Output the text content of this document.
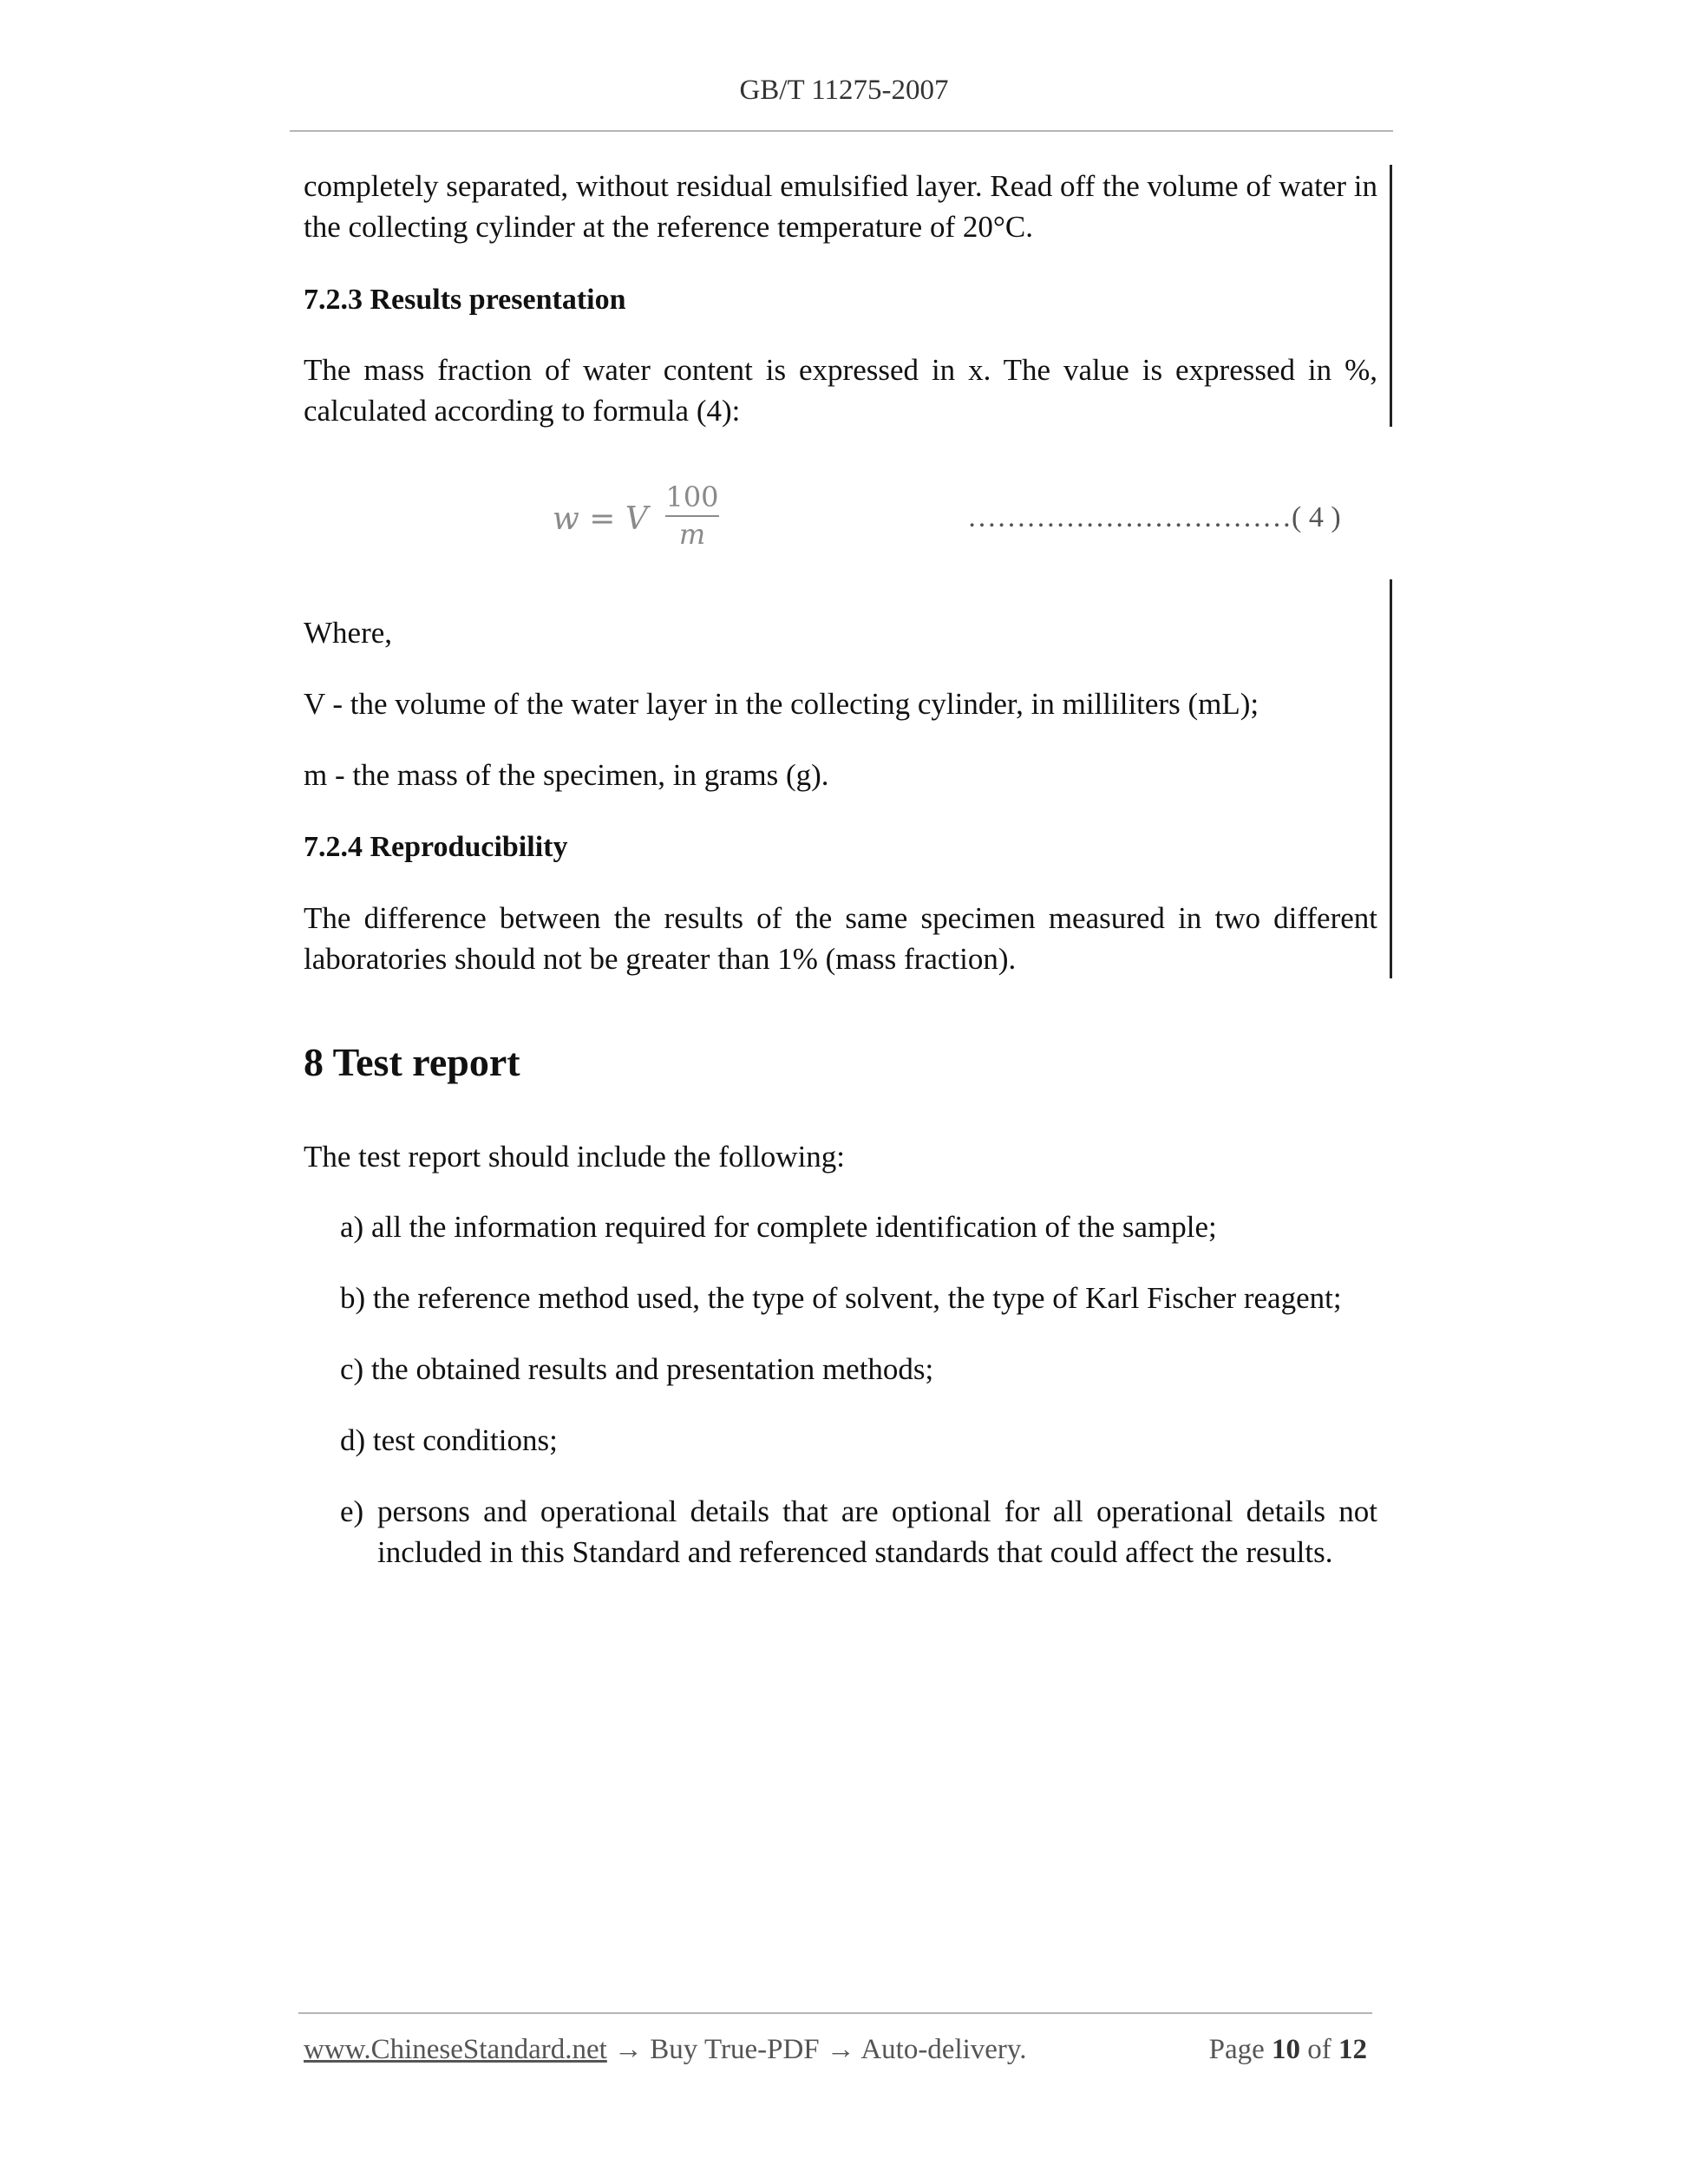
GB/T 11275-2007

completely separated, without residual emulsified layer. Read off the volume of water in the collecting cylinder at the reference temperature of 20°C.

7.2.3 Results presentation

The mass fraction of water content is expressed in x. The value is expressed in %, calculated according to formula (4):

w = V $\frac{100}{m}$	……………………………( 4 )

Where,

V - the volume of the water layer in the collecting cylinder, in milliliters (mL);

m - the mass of the specimen, in grams (g).

7.2.4 Reproducibility

The difference between the results of the same specimen measured in two different laboratories should not be greater than 1% (mass fraction).

8 Test report

The test report should include the following:

a) all the information required for complete identification of the sample;
b) the reference method used, the type of solvent, the type of Karl Fischer reagent;
c) the obtained results and presentation methods;
d) test conditions;
e) persons and operational details that are optional for all operational details not included in this Standard and referenced standards that could affect the results.
www.ChineseStandard.net → Buy True-PDF → Auto-delivery.	Page 10 of 12
